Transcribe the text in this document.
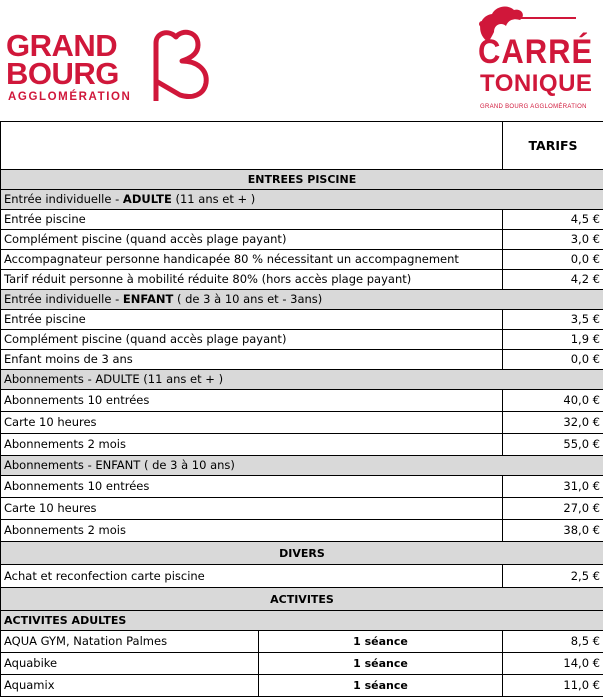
GRAND
BOURG
AGGLOMÉRATION
CARRÉ
TONIQUE
GRAND BOURG AGGLOMÉRATION
		TARIFS
ENTREES PISCINE		
Entrée individuelle - ADULTE (11 ans et + )		
Entrée piscine		4,5 €
Complément piscine (quand accès plage payant)		3,0 €
Accompagnateur personne handicapée 80 % nécessitant un accompagnement		0,0 €
Tarif réduit personne à mobilité réduite 80% (hors accès plage payant)		4,2 €
Entrée individuelle - ENFANT ( de 3 à 10 ans et - 3ans)		
Entrée piscine		3,5 €
Complément piscine (quand accès plage payant)		1,9 €
Enfant moins de 3 ans		0,0 €
Abonnements - ADULTE (11 ans et + )		
Abonnements 10 entrées		40,0 €
Carte 10 heures		32,0 €
Abonnements 2 mois		55,0 €
Abonnements - ENFANT ( de 3 à 10 ans)		
Abonnements 10 entrées		31,0 €
Carte 10 heures		27,0 €
Abonnements 2 mois		38,0 €
DIVERS		
Achat et reconfection carte piscine		2,5 €
ACTIVITES		
ACTIVITES ADULTES		
AQUA GYM, Natation Palmes	1 séance	8,5 €
Aquabike	1 séance	14,0 €
Aquamix	1 séance	11,0 €
